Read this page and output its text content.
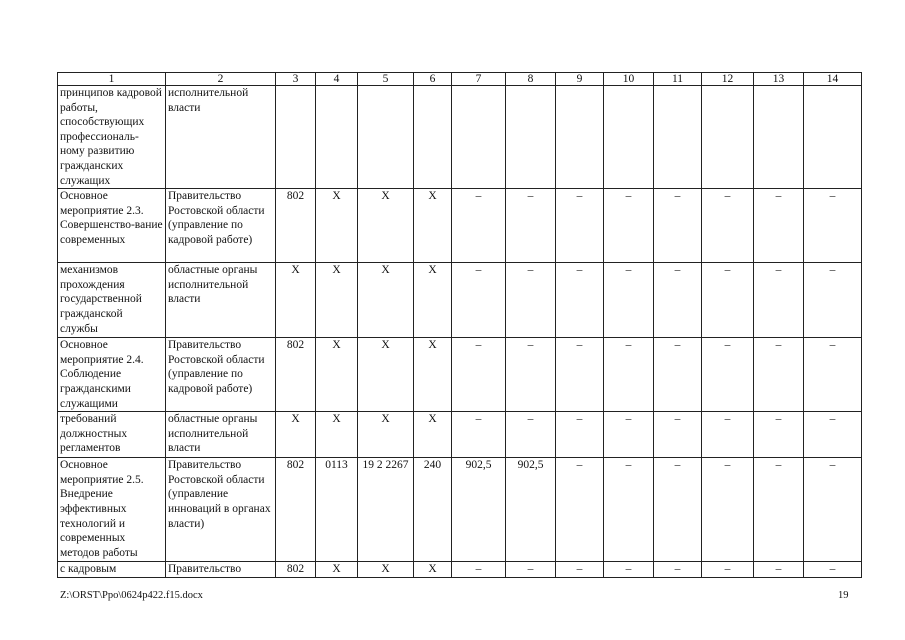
1	2	3	4	5	6	7	8	9	10	11	12	13	14
принципов кадровой работы, способствующих профессиональ-ному развитию гражданских служащих	исполнительной власти												
Основное мероприятие 2.3. Совершенство-вание современных	Правительство Ростовской области (управление по кадровой работе)	802	X	X	X	–	–	–	–	–	–	–	–
механизмов прохождения государственной гражданской службы	областные органы исполнительной власти	X	X	X	X	–	–	–	–	–	–	–	–
Основное мероприятие 2.4. Соблюдение гражданскими служащими	Правительство Ростовской области (управление по кадровой работе)	802	X	X	X	–	–	–	–	–	–	–	–
требований должностных регламентов	областные органы исполнительной власти	X	X	X	X	–	–	–	–	–	–	–	–
Основное мероприятие 2.5. Внедрение эффективных технологий и современных методов работы	Правительство Ростовской области (управление инноваций в органах власти)	802	0113	19 2 2267	240	902,5	902,5	–	–	–	–	–	–
с кадровым	Правительство	802	X	X	X	–	–	–	–	–	–	–	–
Z:\ORST\Ppo\0624p422.f15.docx	19
